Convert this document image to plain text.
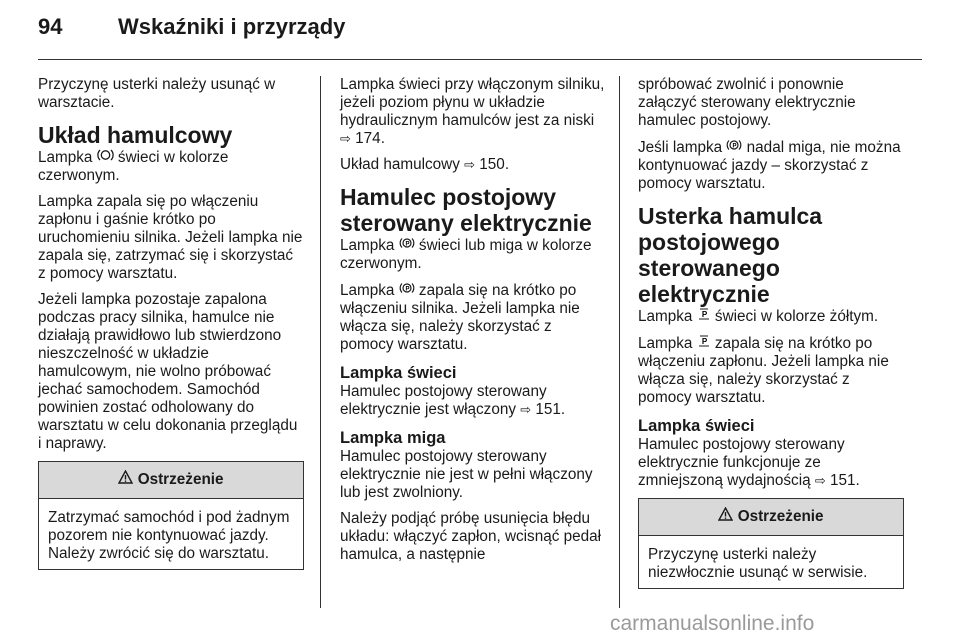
94	Wskaźniki i przyrządy

Przyczynę usterki należy usunąć w warsztacie.

Układ hamulcowy

Lampka  świeci w kolorze czerwonym.

Lampka zapala się po włączeniu zapłonu i gaśnie krótko po uruchomieniu silnika. Jeżeli lampka nie zapala się, zatrzymać się i skorzystać z pomocy warsztatu.

Jeżeli lampka pozostaje zapalona podczas pracy silnika, hamulce nie działają prawidłowo lub stwierdzono nieszczelność w układzie hamulcowym, nie wolno próbować jechać samochodem. Samochód powinien zostać odholowany do warsztatu w celu dokonania przeglądu i naprawy.

Ostrzeżenie

Zatrzymać samochód i pod żadnym pozorem nie kontynuować jazdy. Należy zwrócić się do warsztatu.

Lampka świeci przy włączonym silniku, jeżeli poziom płynu w układzie hydraulicznym hamulców jest za niski ⇨ 174.

Układ hamulcowy ⇨ 150.

Hamulec postojowy sterowany elektrycznie

Lampka P świeci lub miga w kolorze czerwonym.

Lampka P zapala się na krótko po włączeniu silnika. Jeżeli lampka nie włącza się, należy skorzystać z pomocy warsztatu.

Lampka świeci

Hamulec postojowy sterowany elektrycznie jest włączony ⇨ 151.

Lampka miga

Hamulec postojowy sterowany elektrycznie nie jest w pełni włączony lub jest zwolniony.

Należy podjąć próbę usunięcia błędu układu: włączyć zapłon, wcisnąć pedał hamulca, a następnie

spróbować zwolnić i ponownie załączyć sterowany elektrycznie hamulec postojowy.

Jeśli lampka P nadal miga, nie można kontynuować jazdy – skorzystać z pomocy warsztatu.

Usterka hamulca postojowego sterowanego elektrycznie

Lampka P świeci w kolorze żółtym.

Lampka P zapala się na krótko po włączeniu zapłonu. Jeżeli lampka nie włącza się, należy skorzystać z pomocy warsztatu.

Lampka świeci

Hamulec postojowy sterowany elektrycznie funkcjonuje ze zmniejszoną wydajnością ⇨ 151.

Ostrzeżenie

Przyczynę usterki należy niezwłocznie usunąć w serwisie.

carmanualsonline.info
